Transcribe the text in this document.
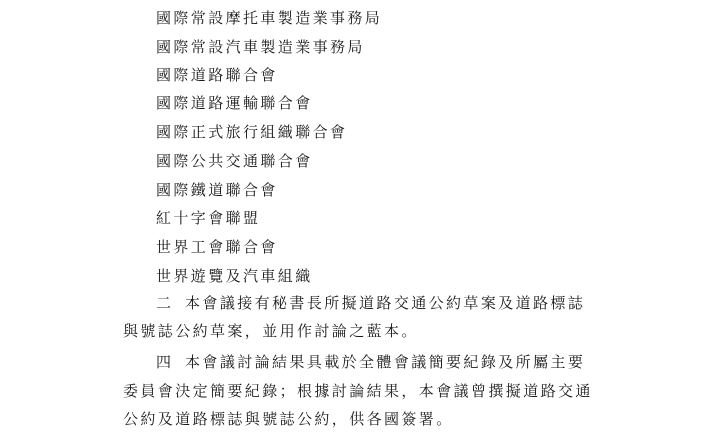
國際常設摩托車製造業事務局
國際常設汽車製造業事務局
國際道路聯合會
國際道路運輸聯合會
國際正式旅行組織聯合會
國際公共交通聯合會
國際鐵道聯合會
紅十字會聯盟
世界工會聯合會
世界遊覽及汽車組織
⼆ 本會議接有秘書長所擬道路交通公約草案及道路標誌
與號誌公約草案，並用作討論之藍本。
四 本會議討論結果具載於全體會議簡要紀錄及所屬主要
委員會決定簡要紀錄；根據討論結果，本會議曾撰擬道路交通
公約及道路標誌與號誌公約，供各國簽署。
